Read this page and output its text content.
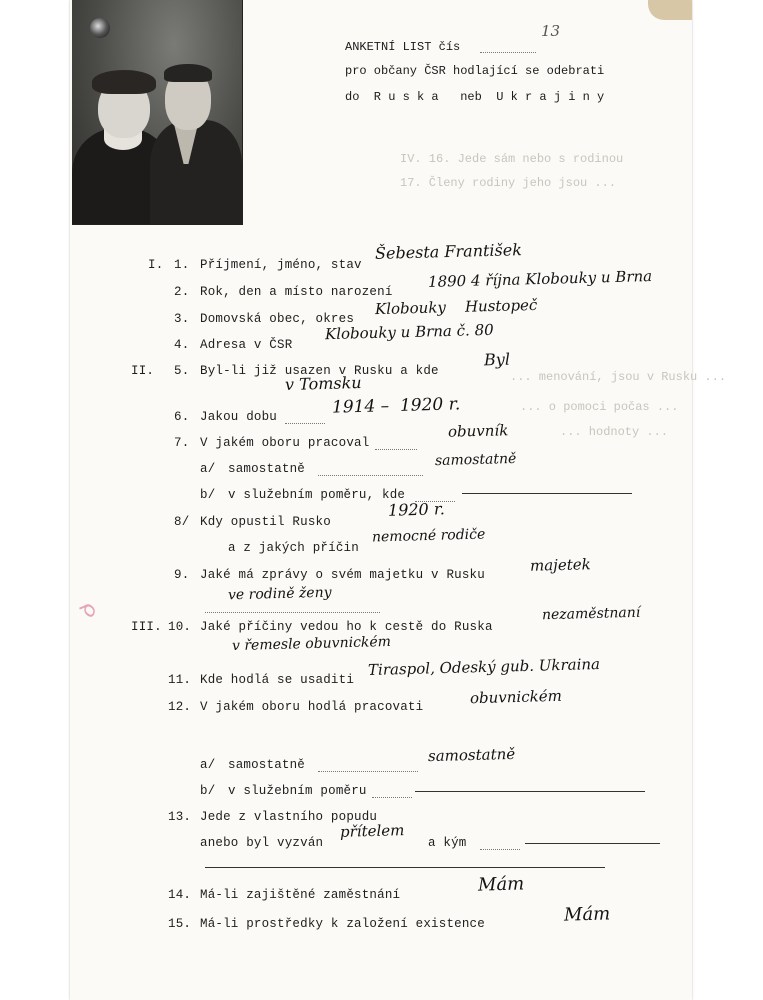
ANKETNÍ LIST čís
13
pro občany ČSR hodlající se odebrati
do  R u s k a   neb  U k r a j i n y
IV. 16. Jede sám nebo s rodinou
17. Členy rodiny jeho jsou ...
... menování, jsou v Rusku ...
... o pomoci počas ...
... hodnoty ...
ꝺ
I. 1. Příjmení, jméno, stav
Šebesta František
2. Rok, den a místo narození
1890 4 října Klobouky u Brna
3. Domovská obec, okres
Klobouky    Hustopeč
4. Adresa v ČSR
Klobouky u Brna č. 80
II. 5. Byl-li již usazen v Rusku a kde
Byl
v Tomsku
6. Jakou dobu	1914 –  1920 r.
7. V jakém oboru pracoval
obuvník
a/ samostatně	samostatně
b/ v služebním poměru, kde
8/ Kdy opustil Rusko
1920 r.
a z jakých příčin
nemocné rodiče
9. Jaké má zprávy o svém majetku v Rusku
majetek
ve rodině ženy
III. 10. Jaké příčiny vedou ho k cestě do Ruska
nezaměstnaní
v řemesle obuvnickém
11. Kde hodlá se usaditi
Tiraspol, Odeský gub. Ukraina
12. V jakém oboru hodlá pracovati	obuvnickém
a/ samostatně	samostatně
b/ v služebním poměru
13. Jede z vlastního popudu
anebo byl vyzván
přítelem
a kým
14. Má-li zajištěné zaměstnání	Mám
15. Má-li prostředky k založení existence	Mám
